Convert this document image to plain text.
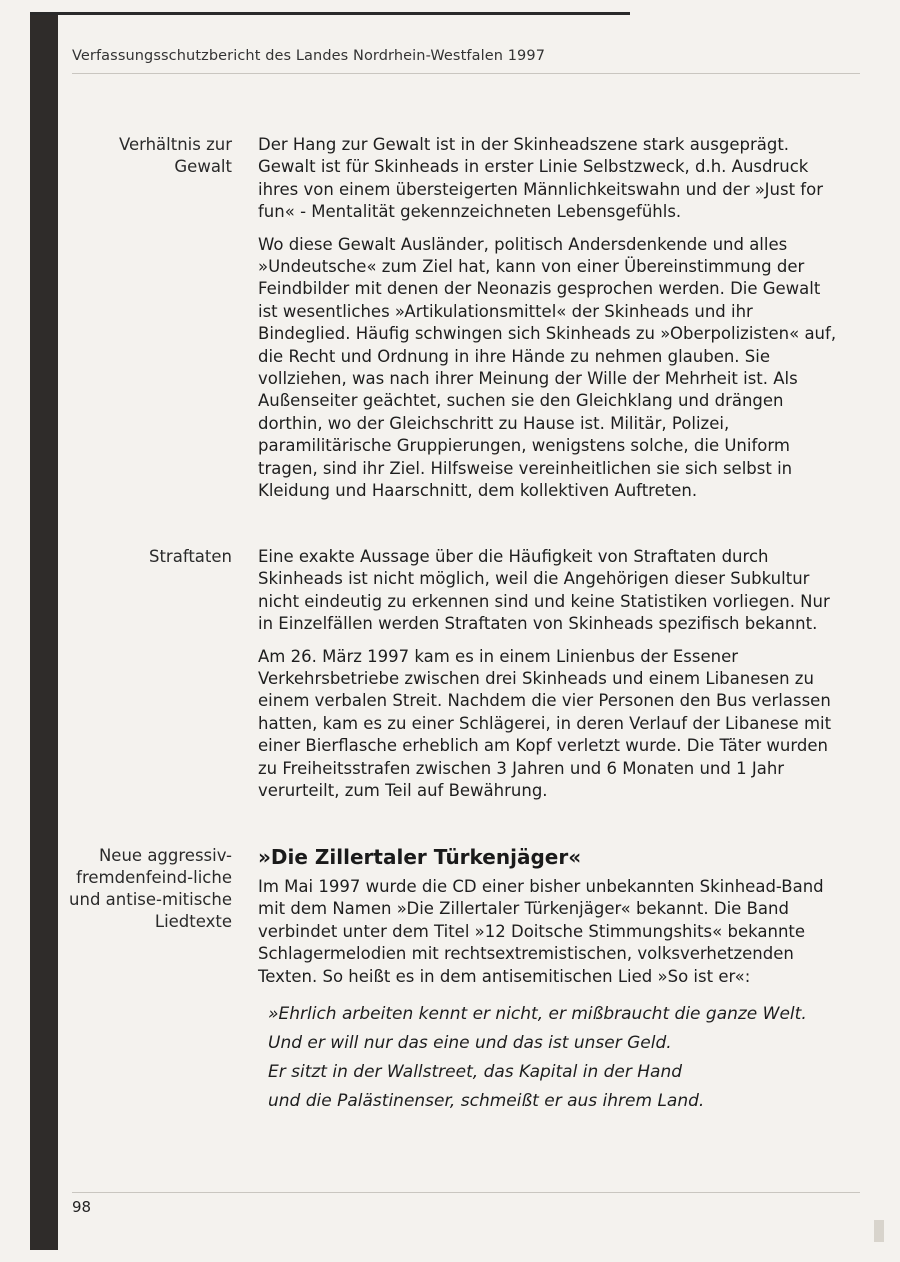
Verfassungsschutzbericht des Landes Nordrhein-Westfalen 1997
Verhältnis zur Gewalt
Straftaten
Neue aggressiv-fremdenfeind-liche und antise-mitische Liedtexte

Der Hang zur Gewalt ist in der Skinheadszene stark ausgeprägt. Gewalt ist für Skinheads in erster Linie Selbstzweck, d.h. Ausdruck ihres von einem übersteigerten Männlichkeitswahn und der »Just for fun« - Mentalität gekennzeichneten Lebensgefühls.

Wo diese Gewalt Ausländer, politisch Andersdenkende und alles »Undeutsche« zum Ziel hat, kann von einer Übereinstimmung der Feindbilder mit denen der Neonazis gesprochen werden. Die Gewalt ist wesentliches »Artikulationsmittel« der Skinheads und ihr Bindeglied. Häufig schwingen sich Skinheads zu »Oberpolizisten« auf, die Recht und Ordnung in ihre Hände zu nehmen glauben. Sie vollziehen, was nach ihrer Meinung der Wille der Mehrheit ist. Als Außenseiter geächtet, suchen sie den Gleichklang und drängen dorthin, wo der Gleichschritt zu Hause ist. Militär, Polizei, paramilitärische Gruppierungen, wenigstens solche, die Uniform tragen, sind ihr Ziel. Hilfsweise vereinheitlichen sie sich selbst in Kleidung und Haarschnitt, dem kollektiven Auftreten.

Eine exakte Aussage über die Häufigkeit von Straftaten durch Skinheads ist nicht möglich, weil die Angehörigen dieser Subkultur nicht eindeutig zu erkennen sind und keine Statistiken vorliegen. Nur in Einzelfällen werden Straftaten von Skinheads spezifisch bekannt.

Am 26. März 1997 kam es in einem Linienbus der Essener Verkehrsbetriebe zwischen drei Skinheads und einem Libanesen zu einem verbalen Streit. Nachdem die vier Personen den Bus verlassen hatten, kam es zu einer Schlägerei, in deren Verlauf der Libanese mit einer Bierflasche erheblich am Kopf verletzt wurde. Die Täter wurden zu Freiheitsstrafen zwischen 3 Jahren und 6 Monaten und 1 Jahr verurteilt, zum Teil auf Bewährung.

»Die Zillertaler Türkenjäger«

Im Mai 1997 wurde die CD einer bisher unbekannten Skinhead-Band mit dem Namen »Die Zillertaler Türkenjäger« bekannt. Die Band verbindet unter dem Titel »12 Doitsche Stimmungshits« bekannte Schlagermelodien mit rechtsextremistischen, volksverhetzenden Texten. So heißt es in dem antisemitischen Lied »So ist er«:

»Ehrlich arbeiten kennt er nicht, er mißbraucht die ganze Welt.
Und er will nur das eine und das ist unser Geld.
Er sitzt in der Wallstreet, das Kapital in der Hand
und die Palästinenser, schmeißt er aus ihrem Land.
98
